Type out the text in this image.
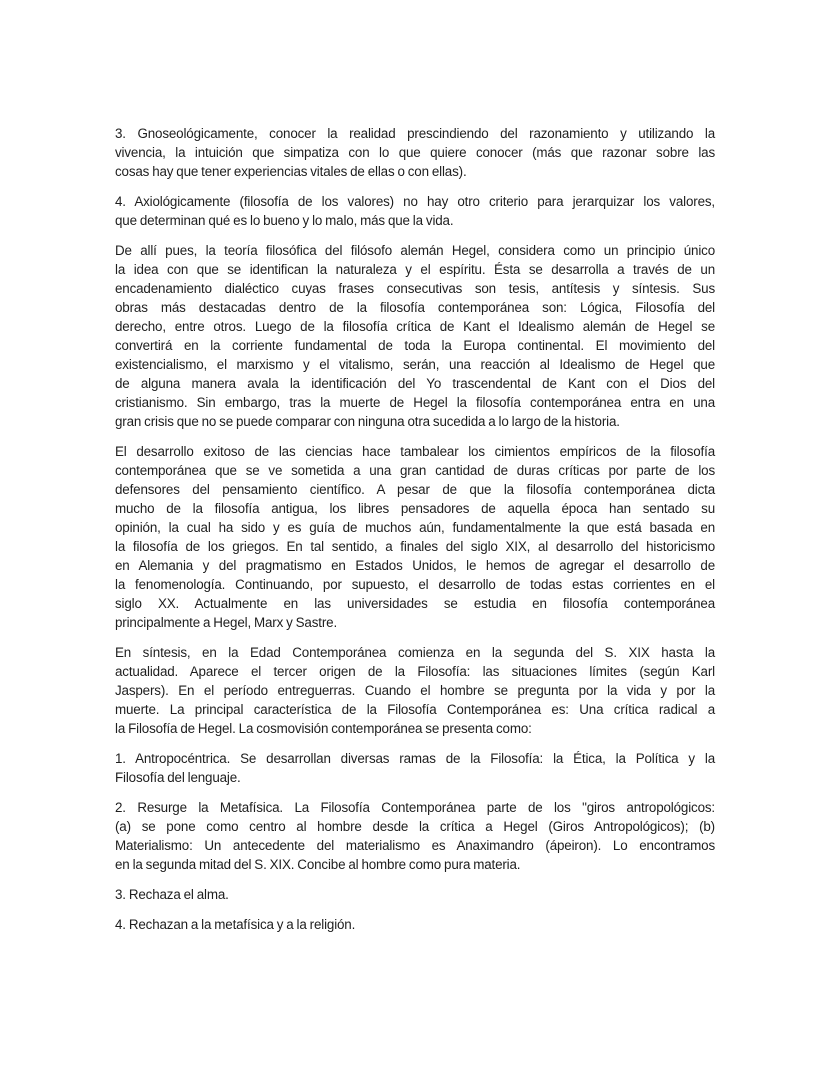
3. Gnoseológicamente, conocer la realidad prescindiendo del razonamiento y utilizando la
vivencia, la intuición que simpatiza con lo que quiere conocer (más que razonar sobre las
cosas hay que tener experiencias vitales de ellas o con ellas).
4. Axiológicamente (filosofía de los valores) no hay otro criterio para jerarquizar los valores,
que determinan qué es lo bueno y lo malo, más que la vida.
De allí pues, la teoría filosófica del filósofo alemán Hegel, considera como un principio único
la idea con que se identifican la naturaleza y el espíritu. Ésta se desarrolla a través de un
encadenamiento dialéctico cuyas frases consecutivas son tesis, antítesis y síntesis. Sus
obras más destacadas dentro de la filosofía contemporánea son: Lógica, Filosofía del
derecho, entre otros. Luego de la filosofía crítica de Kant el Idealismo alemán de Hegel se
convertirá en la corriente fundamental de toda la Europa continental. El movimiento del
existencialismo, el marxismo y el vitalismo, serán, una reacción al Idealismo de Hegel que
de alguna manera avala la identificación del Yo trascendental de Kant con el Dios del
cristianismo. Sin embargo, tras la muerte de Hegel la filosofía contemporánea entra en una
gran crisis que no se puede comparar con ninguna otra sucedida a lo largo de la historia.
El desarrollo exitoso de las ciencias hace tambalear los cimientos empíricos de la filosofía
contemporánea que se ve sometida a una gran cantidad de duras críticas por parte de los
defensores del pensamiento científico. A pesar de que la filosofía contemporánea dicta
mucho de la filosofía antigua, los libres pensadores de aquella época han sentado su
opinión, la cual ha sido y es guía de muchos aún, fundamentalmente la que está basada en
la filosofía de los griegos. En tal sentido, a finales del siglo XIX, al desarrollo del historicismo
en Alemania y del pragmatismo en Estados Unidos, le hemos de agregar el desarrollo de
la fenomenología. Continuando, por supuesto, el desarrollo de todas estas corrientes en el
siglo XX. Actualmente en las universidades se estudia en filosofía contemporánea
principalmente a Hegel, Marx y Sastre.
En síntesis, en la Edad Contemporánea comienza en la segunda del S. XIX hasta la
actualidad. Aparece el tercer origen de la Filosofía: las situaciones límites (según Karl
Jaspers). En el período entreguerras. Cuando el hombre se pregunta por la vida y por la
muerte. La principal característica de la Filosofía Contemporánea es: Una crítica radical a
la Filosofía de Hegel. La cosmovisión contemporánea se presenta como:
1. Antropocéntrica. Se desarrollan diversas ramas de la Filosofía: la Ética, la Política y la
Filosofía del lenguaje.
2. Resurge la Metafísica. La Filosofía Contemporánea parte de los "giros antropológicos:
(a) se pone como centro al hombre desde la crítica a Hegel (Giros Antropológicos); (b)
Materialismo: Un antecedente del materialismo es Anaximandro (ápeiron). Lo encontramos
en la segunda mitad del S. XIX. Concibe al hombre como pura materia.
3. Rechaza el alma.
4. Rechazan a la metafísica y a la religión.
